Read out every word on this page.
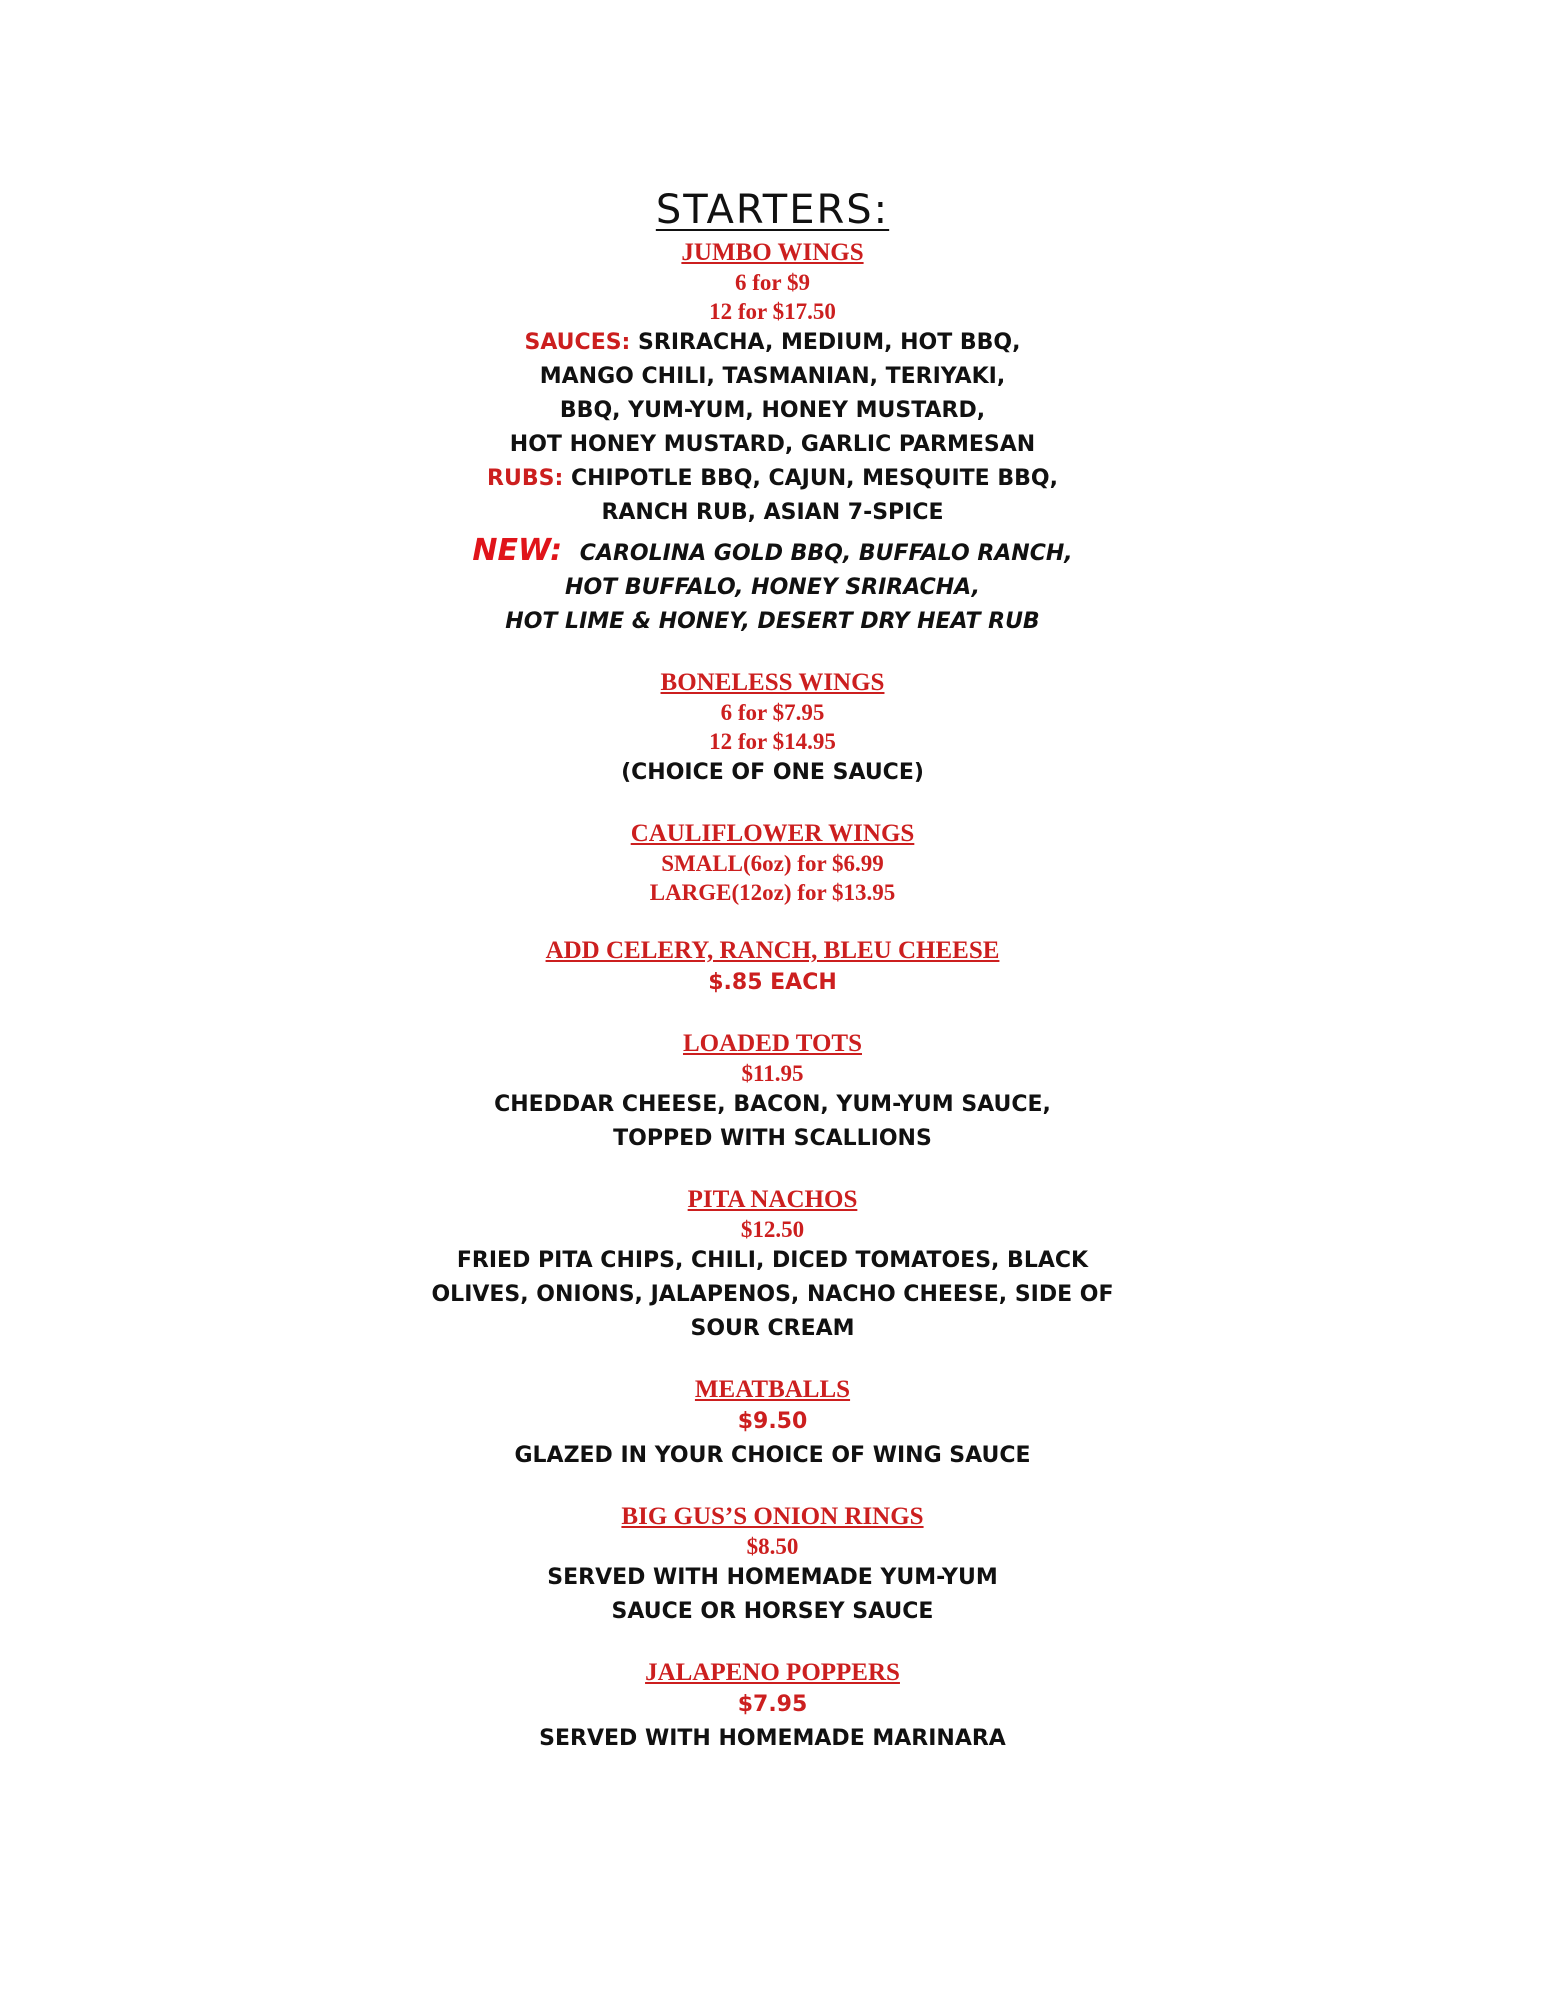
STARTERS:
JUMBO WINGS
6 for $9
12 for $17.50
SAUCES: SRIRACHA, MEDIUM, HOT BBQ,
MANGO CHILI, TASMANIAN, TERIYAKI,
BBQ, YUM-YUM, HONEY MUSTARD,
HOT HONEY MUSTARD, GARLIC PARMESAN
RUBS: CHIPOTLE BBQ, CAJUN, MESQUITE BBQ,
RANCH RUB, ASIAN 7-SPICE
NEW: CAROLINA GOLD BBQ, BUFFALO RANCH,
HOT BUFFALO, HONEY SRIRACHA,
HOT LIME & HONEY, DESERT DRY HEAT RUB
BONELESS WINGS
6 for $7.95
12 for $14.95
(CHOICE OF ONE SAUCE)
CAULIFLOWER WINGS
SMALL(6oz) for $6.99
LARGE(12oz) for $13.95
ADD CELERY, RANCH, BLEU CHEESE
$.85 EACH
LOADED TOTS
$11.95
CHEDDAR CHEESE, BACON, YUM-YUM SAUCE,
TOPPED WITH SCALLIONS
PITA NACHOS
$12.50
FRIED PITA CHIPS, CHILI, DICED TOMATOES, BLACK
OLIVES, ONIONS, JALAPENOS, NACHO CHEESE, SIDE OF
SOUR CREAM
MEATBALLS
$9.50
GLAZED IN YOUR CHOICE OF WING SAUCE
BIG GUS’S ONION RINGS
$8.50
SERVED WITH HOMEMADE YUM-YUM
SAUCE OR HORSEY SAUCE
JALAPENO POPPERS
$7.95
SERVED WITH HOMEMADE MARINARA
